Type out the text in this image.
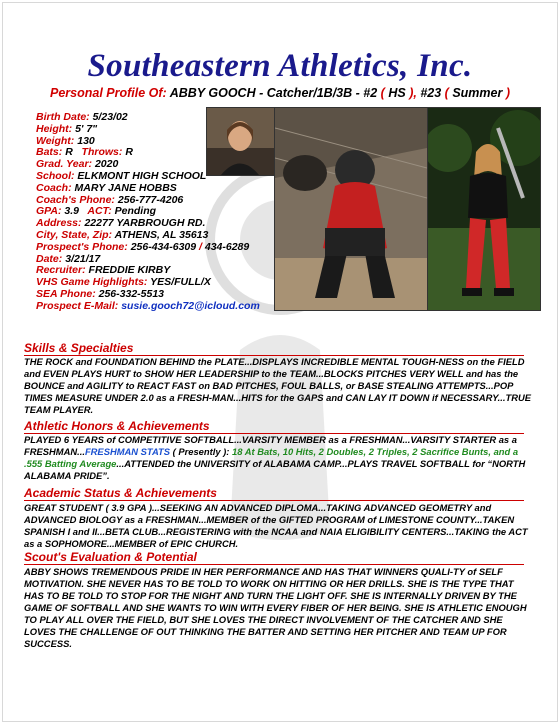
Southeastern Athletics, Inc.
Personal Profile Of: ABBY GOOCH - Catcher/1B/3B - #2 ( HS ), #23 ( Summer )
Birth Date: 5/23/02
Height: 5' 7"
Weight: 130
Bats: R Throws: R
Grad. Year: 2020
School: ELKMONT HIGH SCHOOL
Coach: MARY JANE HOBBS
Coach's Phone: 256-777-4206
GPA: 3.9 ACT: Pending
Address: 22277 YARBROUGH RD.
City, State, Zip: ATHENS, AL 35613
Prospect's Phone: 256-434-6309 / 434-6289
Date: 3/21/17
Recruiter: FREDDIE KIRBY
VHS Game Highlights: YES/FULL/X
SEA Phone: 256-332-5513
Prospect E-Mail: susie.gooch72@icloud.com
Skills & Specialties
THE ROCK and FOUNDATION BEHIND the PLATE...DISPLAYS INCREDIBLE MENTAL TOUGH-NESS on the FIELD and EVEN PLAYS HURT to SHOW HER LEADERSHIP to the TEAM...BLOCKS PITCHES VERY WELL and has the BOUNCE and AGILITY to REACT FAST on BAD PITCHES, FOUL BALLS, or BASE STEALING ATTEMPTS...POP TIMES MEASURE UNDER 2.0 as a FRESH-MAN...HITS for the GAPS and CAN LAY IT DOWN if NECESSARY...TRUE TEAM PLAYER.
Athletic Honors & Achievements
PLAYED 6 YEARS of COMPETITIVE SOFTBALL...VARSITY MEMBER as a FRESHMAN...VARSITY STARTER as a FRESHMAN...FRESHMAN STATS ( Presently ): 18 At Bats, 10 Hits, 2 Doubles, 2 Triples, 2 Sacrifice Bunts, and a .555 Batting Average...ATTENDED the UNIVERSITY of ALABAMA CAMP...PLAYS TRAVEL SOFTBALL for “NORTH ALABAMA PRIDE”.
Academic Status & Achievements
GREAT STUDENT ( 3.9 GPA )...SEEKING AN ADVANCED DIPLOMA...TAKING ADVANCED GEOMETRY and ADVANCED BIOLOGY as a FRESHMAN...MEMBER of the GIFTED PROGRAM of LIMESTONE COUNTY...TAKEN SPANISH I and II...BETA CLUB...REGISTERING with the NCAA and NAIA ELIGIBILITY CENTERS...TAKING the ACT as a SOPHOMORE...MEMBER of EPIC CHURCH.
Scout's Evaluation & Potential
ABBY SHOWS TREMENDOUS PRIDE IN HER PERFORMANCE AND HAS THAT WINNERS QUALI-TY of SELF MOTIVATION. SHE NEVER HAS TO BE TOLD TO WORK ON HITTING OR HER DRILLS. SHE IS THE TYPE THAT HAS TO BE TOLD TO STOP FOR THE NIGHT AND TURN THE LIGHT OFF. SHE IS INTERNALLY DRIVEN BY THE GAME OF SOFTBALL AND SHE WANTS TO WIN WITH EVERY FIBER OF HER BEING. SHE IS ATHLETIC ENOUGH TO PLAY ALL OVER THE FIELD, BUT SHE LOVES THE DIRECT INVOLVEMENT OF THE CATCHER AND SHE LOVES THE CHALLENGE OF OUT THINKING THE BATTER AND SETTING HER PITCHER AND TEAM UP FOR SUCCESS.
